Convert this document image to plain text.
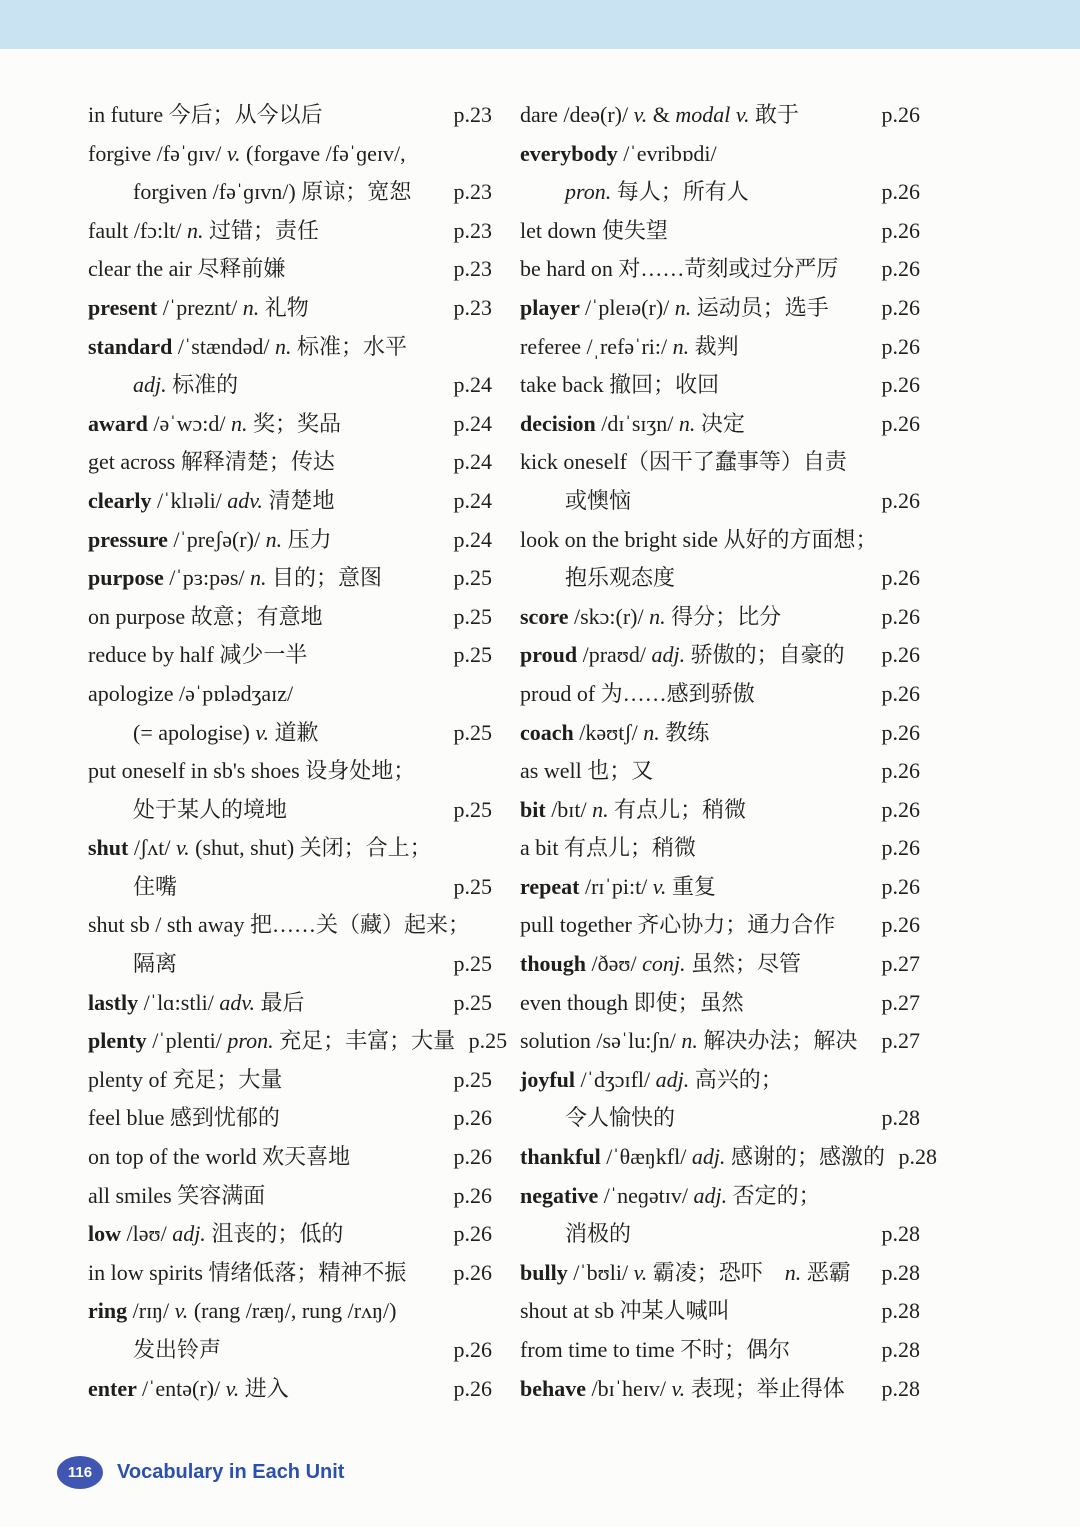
in future 今后；从今以后	p.23
forgive /fəˈɡɪv/ v. (forgave /fəˈɡeɪv/,
forgiven /fəˈɡɪvn/) 原谅；宽恕	p.23
fault /fɔ:lt/ n. 过错；责任	p.23
clear the air 尽释前嫌	p.23
present /ˈpreznt/ n. 礼物	p.23
standard /ˈstændəd/ n. 标准；水平
adj. 标准的	p.24
award /əˈwɔ:d/ n. 奖；奖品	p.24
get across 解释清楚；传达	p.24
clearly /ˈklɪəli/ adv. 清楚地	p.24
pressure /ˈpreʃə(r)/ n. 压力	p.24
purpose /ˈpɜ:pəs/ n. 目的；意图	p.25
on purpose 故意；有意地	p.25
reduce by half 减少一半	p.25
apologize /əˈpɒlədʒaɪz/
(= apologise) v. 道歉	p.25
put oneself in sb's shoes 设身处地；
处于某人的境地	p.25
shut /ʃʌt/ v. (shut, shut) 关闭；合上；
住嘴	p.25
shut sb / sth away 把……关（藏）起来；
隔离	p.25
lastly /ˈlɑ:stli/ adv. 最后	p.25
plenty /ˈplenti/ pron. 充足；丰富；大量 p.25
plenty of 充足；大量	p.25
feel blue 感到忧郁的	p.26
on top of the world 欢天喜地	p.26
all smiles 笑容满面	p.26
low /ləʊ/ adj. 沮丧的；低的	p.26
in low spirits 情绪低落；精神不振	p.26
ring /rɪŋ/ v. (rang /ræŋ/, rung /rʌŋ/)
发出铃声	p.26
enter /ˈentə(r)/ v. 进入	p.26
dare /deə(r)/ v. & modal v. 敢于	p.26
everybody /ˈevribɒdi/
pron. 每人；所有人	p.26
let down 使失望	p.26
be hard on 对……苛刻或过分严厉	p.26
player /ˈpleɪə(r)/ n. 运动员；选手	p.26
referee /ˌrefəˈri:/ n. 裁判	p.26
take back 撤回；收回	p.26
decision /dɪˈsɪʒn/ n. 决定	p.26
kick oneself（因干了蠢事等）自责
或懊恼	p.26
look on the bright side 从好的方面想；
抱乐观态度	p.26
score /skɔ:(r)/ n. 得分；比分	p.26
proud /praʊd/ adj. 骄傲的；自豪的	p.26
proud of 为……感到骄傲	p.26
coach /kəʊtʃ/ n. 教练	p.26
as well 也；又	p.26
bit /bɪt/ n. 有点儿；稍微	p.26
a bit 有点儿；稍微	p.26
repeat /rɪˈpi:t/ v. 重复	p.26
pull together 齐心协力；通力合作	p.26
though /ðəʊ/ conj. 虽然；尽管	p.27
even though 即使；虽然	p.27
solution /səˈlu:ʃn/ n. 解决办法；解决	p.27
joyful /ˈdʒɔɪfl/ adj. 高兴的；
令人愉快的	p.28
thankful /ˈθæŋkfl/ adj. 感谢的；感激的 p.28
negative /ˈneɡətɪv/ adj. 否定的；
消极的	p.28
bully /ˈbʊli/ v. 霸凌；恐吓　n. 恶霸	p.28
shout at sb 冲某人喊叫	p.28
from time to time 不时；偶尔	p.28
behave /bɪˈheɪv/ v. 表现；举止得体	p.28
116	Vocabulary in Each Unit
